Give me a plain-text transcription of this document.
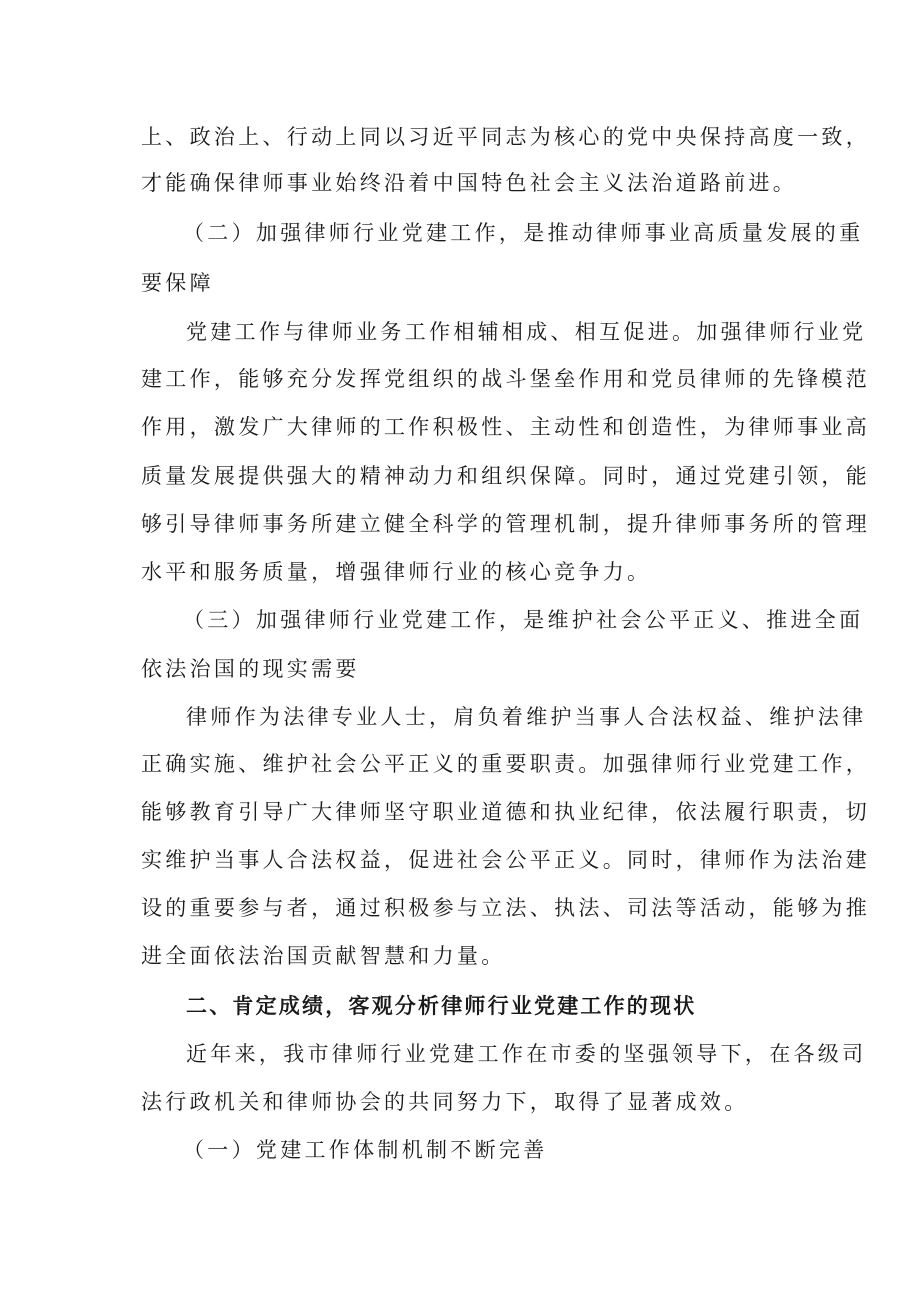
上、政治上、行动上同以习近平同志为核心的党中央保持高度一致，
才能确保律师事业始终沿着中国特色社会主义法治道路前进。
（二）加强律师行业党建工作，是推动律师事业高质量发展的重
要保障
党建工作与律师业务工作相辅相成、相互促进。加强律师行业党
建工作，能够充分发挥党组织的战斗堡垒作用和党员律师的先锋模范
作用，激发广大律师的工作积极性、主动性和创造性，为律师事业高
质量发展提供强大的精神动力和组织保障。同时，通过党建引领，能
够引导律师事务所建立健全科学的管理机制，提升律师事务所的管理
水平和服务质量，增强律师行业的核心竞争力。
（三）加强律师行业党建工作，是维护社会公平正义、推进全面
依法治国的现实需要
律师作为法律专业人士，肩负着维护当事人合法权益、维护法律
正确实施、维护社会公平正义的重要职责。加强律师行业党建工作，
能够教育引导广大律师坚守职业道德和执业纪律，依法履行职责，切
实维护当事人合法权益，促进社会公平正义。同时，律师作为法治建
设的重要参与者，通过积极参与立法、执法、司法等活动，能够为推
进全面依法治国贡献智慧和力量。
二、肯定成绩，客观分析律师行业党建工作的现状
近年来，我市律师行业党建工作在市委的坚强领导下，在各级司
法行政机关和律师协会的共同努力下，取得了显著成效。
（一）党建工作体制机制不断完善
